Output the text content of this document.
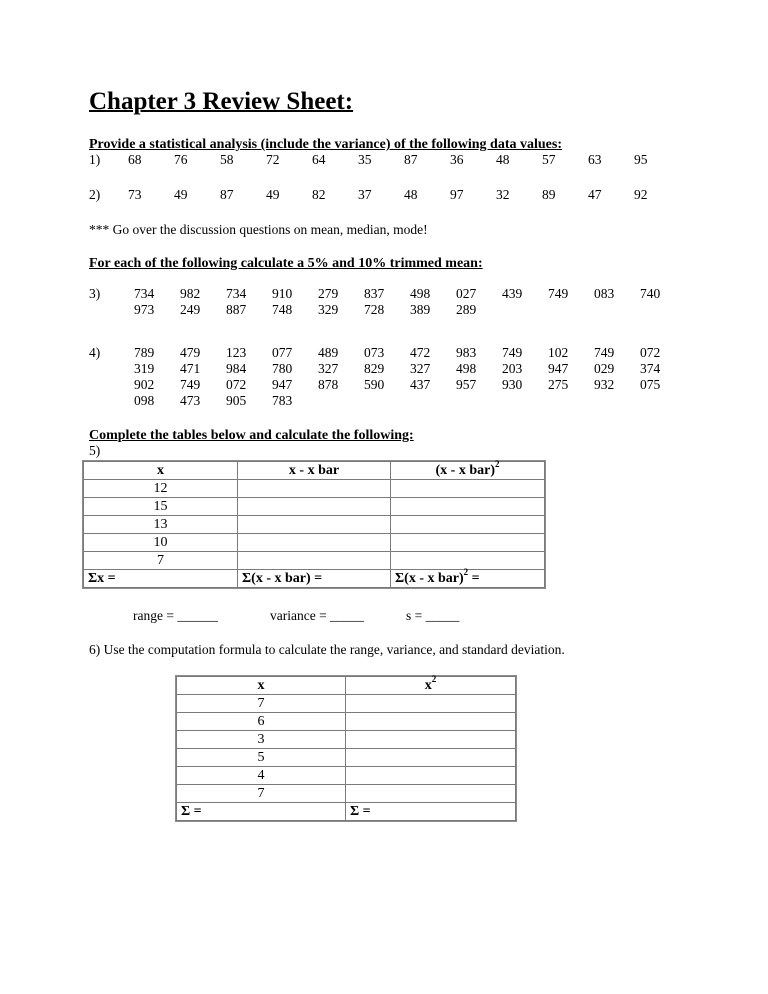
Chapter 3 Review Sheet:
Provide a statistical analysis (include the variance) of the following data values:
1) 68 76 58 72 64 35 87 36 48 57 63 95
2) 73 49 87 49 82 37 48 97 32 89 47 92
*** Go over the discussion questions on mean, median, mode!
For each of the following calculate a 5% and 10% trimmed mean:
3)	734 982 734 910 279 837 498 027 439 749 083 740
973 249 887 748 329 728 389 289
4)	789 479 123 077 489 073 472 983 749 102 749 072
319 471 984 780 327 829 327 498 203 947 029 374
902 749 072 947 878 590 437 957 930 275 932 075
098 473 905 783
Complete the tables below and calculate the following:
5)
x	x - x bar	(x - x bar)$^2$
12		
15		
13		
10		
7		
Σx =	Σ(x - x bar) =	Σ(x - x bar)$^2$ =
range = ______	variance = _____	s = _____
6) Use the computation formula to calculate the range, variance, and standard deviation.
x	$x^2$
7	
6	
3	
5	
4	
7	
Σ =	Σ =
